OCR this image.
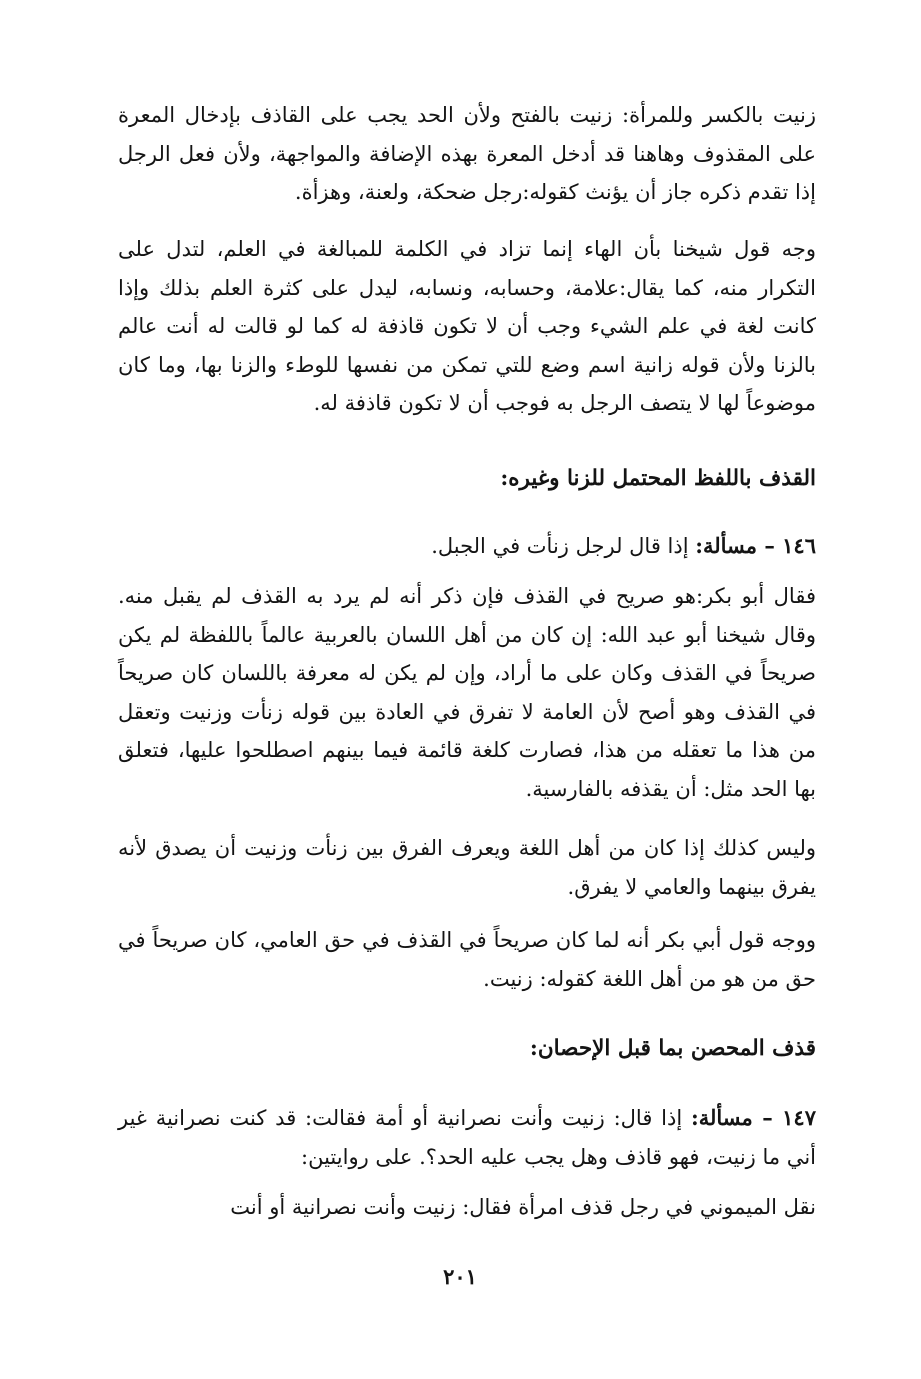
زنيت بالكسر وللمرأة: زنيت بالفتح ولأن الحد يجب على القاذف بإدخال المعرة على المقذوف وهاهنا قد أدخل المعرة بهذه الإضافة والمواجهة، ولأن فعل الرجل إذا تقدم ذكره جاز أن يؤنث كقوله:رجل ضحكة، ولعنة، وهزأة.

وجه قول شيخنا بأن الهاء إنما تزاد في الكلمة للمبالغة في العلم، لتدل على التكرار منه، كما يقال:علامة، وحسابه، ونسابه، ليدل على كثرة العلم بذلك وإذا كانت لغة في علم الشيء وجب أن لا تكون قاذفة له كما لو قالت له أنت عالم بالزنا ولأن قوله زانية اسم وضع للتي تمكن من نفسها للوطء والزنا بها، وما كان موضوعاً لها لا يتصف الرجل به فوجب أن لا تكون قاذفة له.

القذف باللفظ المحتمل للزنا وغيره:

١٤٦ – مسألة: إذا قال لرجل زنأت في الجبل.

فقال أبو بكر:هو صريح في القذف فإن ذكر أنه لم يرد به القذف لم يقبل منه. وقال شيخنا أبو عبد الله: إن كان من أهل اللسان بالعربية عالماً باللفظة لم يكن صريحاً في القذف وكان على ما أراد، وإن لم يكن له معرفة باللسان كان صريحاً في القذف وهو أصح لأن العامة لا تفرق في العادة بين قوله زنأت وزنيت وتعقل من هذا ما تعقله من هذا، فصارت كلغة قائمة فيما بينهم اصطلحوا عليها، فتعلق بها الحد مثل: أن يقذفه بالفارسية.

وليس كذلك إذا كان من أهل اللغة ويعرف الفرق بين زنأت وزنيت أن يصدق لأنه يفرق بينهما والعامي لا يفرق.

ووجه قول أبي بكر أنه لما كان صريحاً في القذف في حق العامي، كان صريحاً في حق من هو من أهل اللغة كقوله: زنيت.

قذف المحصن بما قبل الإحصان:

١٤٧ – مسألة: إذا قال: زنيت وأنت نصرانية أو أمة فقالت: قد كنت نصرانية غير أني ما زنيت، فهو قاذف وهل يجب عليه الحد؟. على روايتين:

نقل الميموني في رجل قذف امرأة فقال: زنيت وأنت نصرانية أو أنت

٢٠١
